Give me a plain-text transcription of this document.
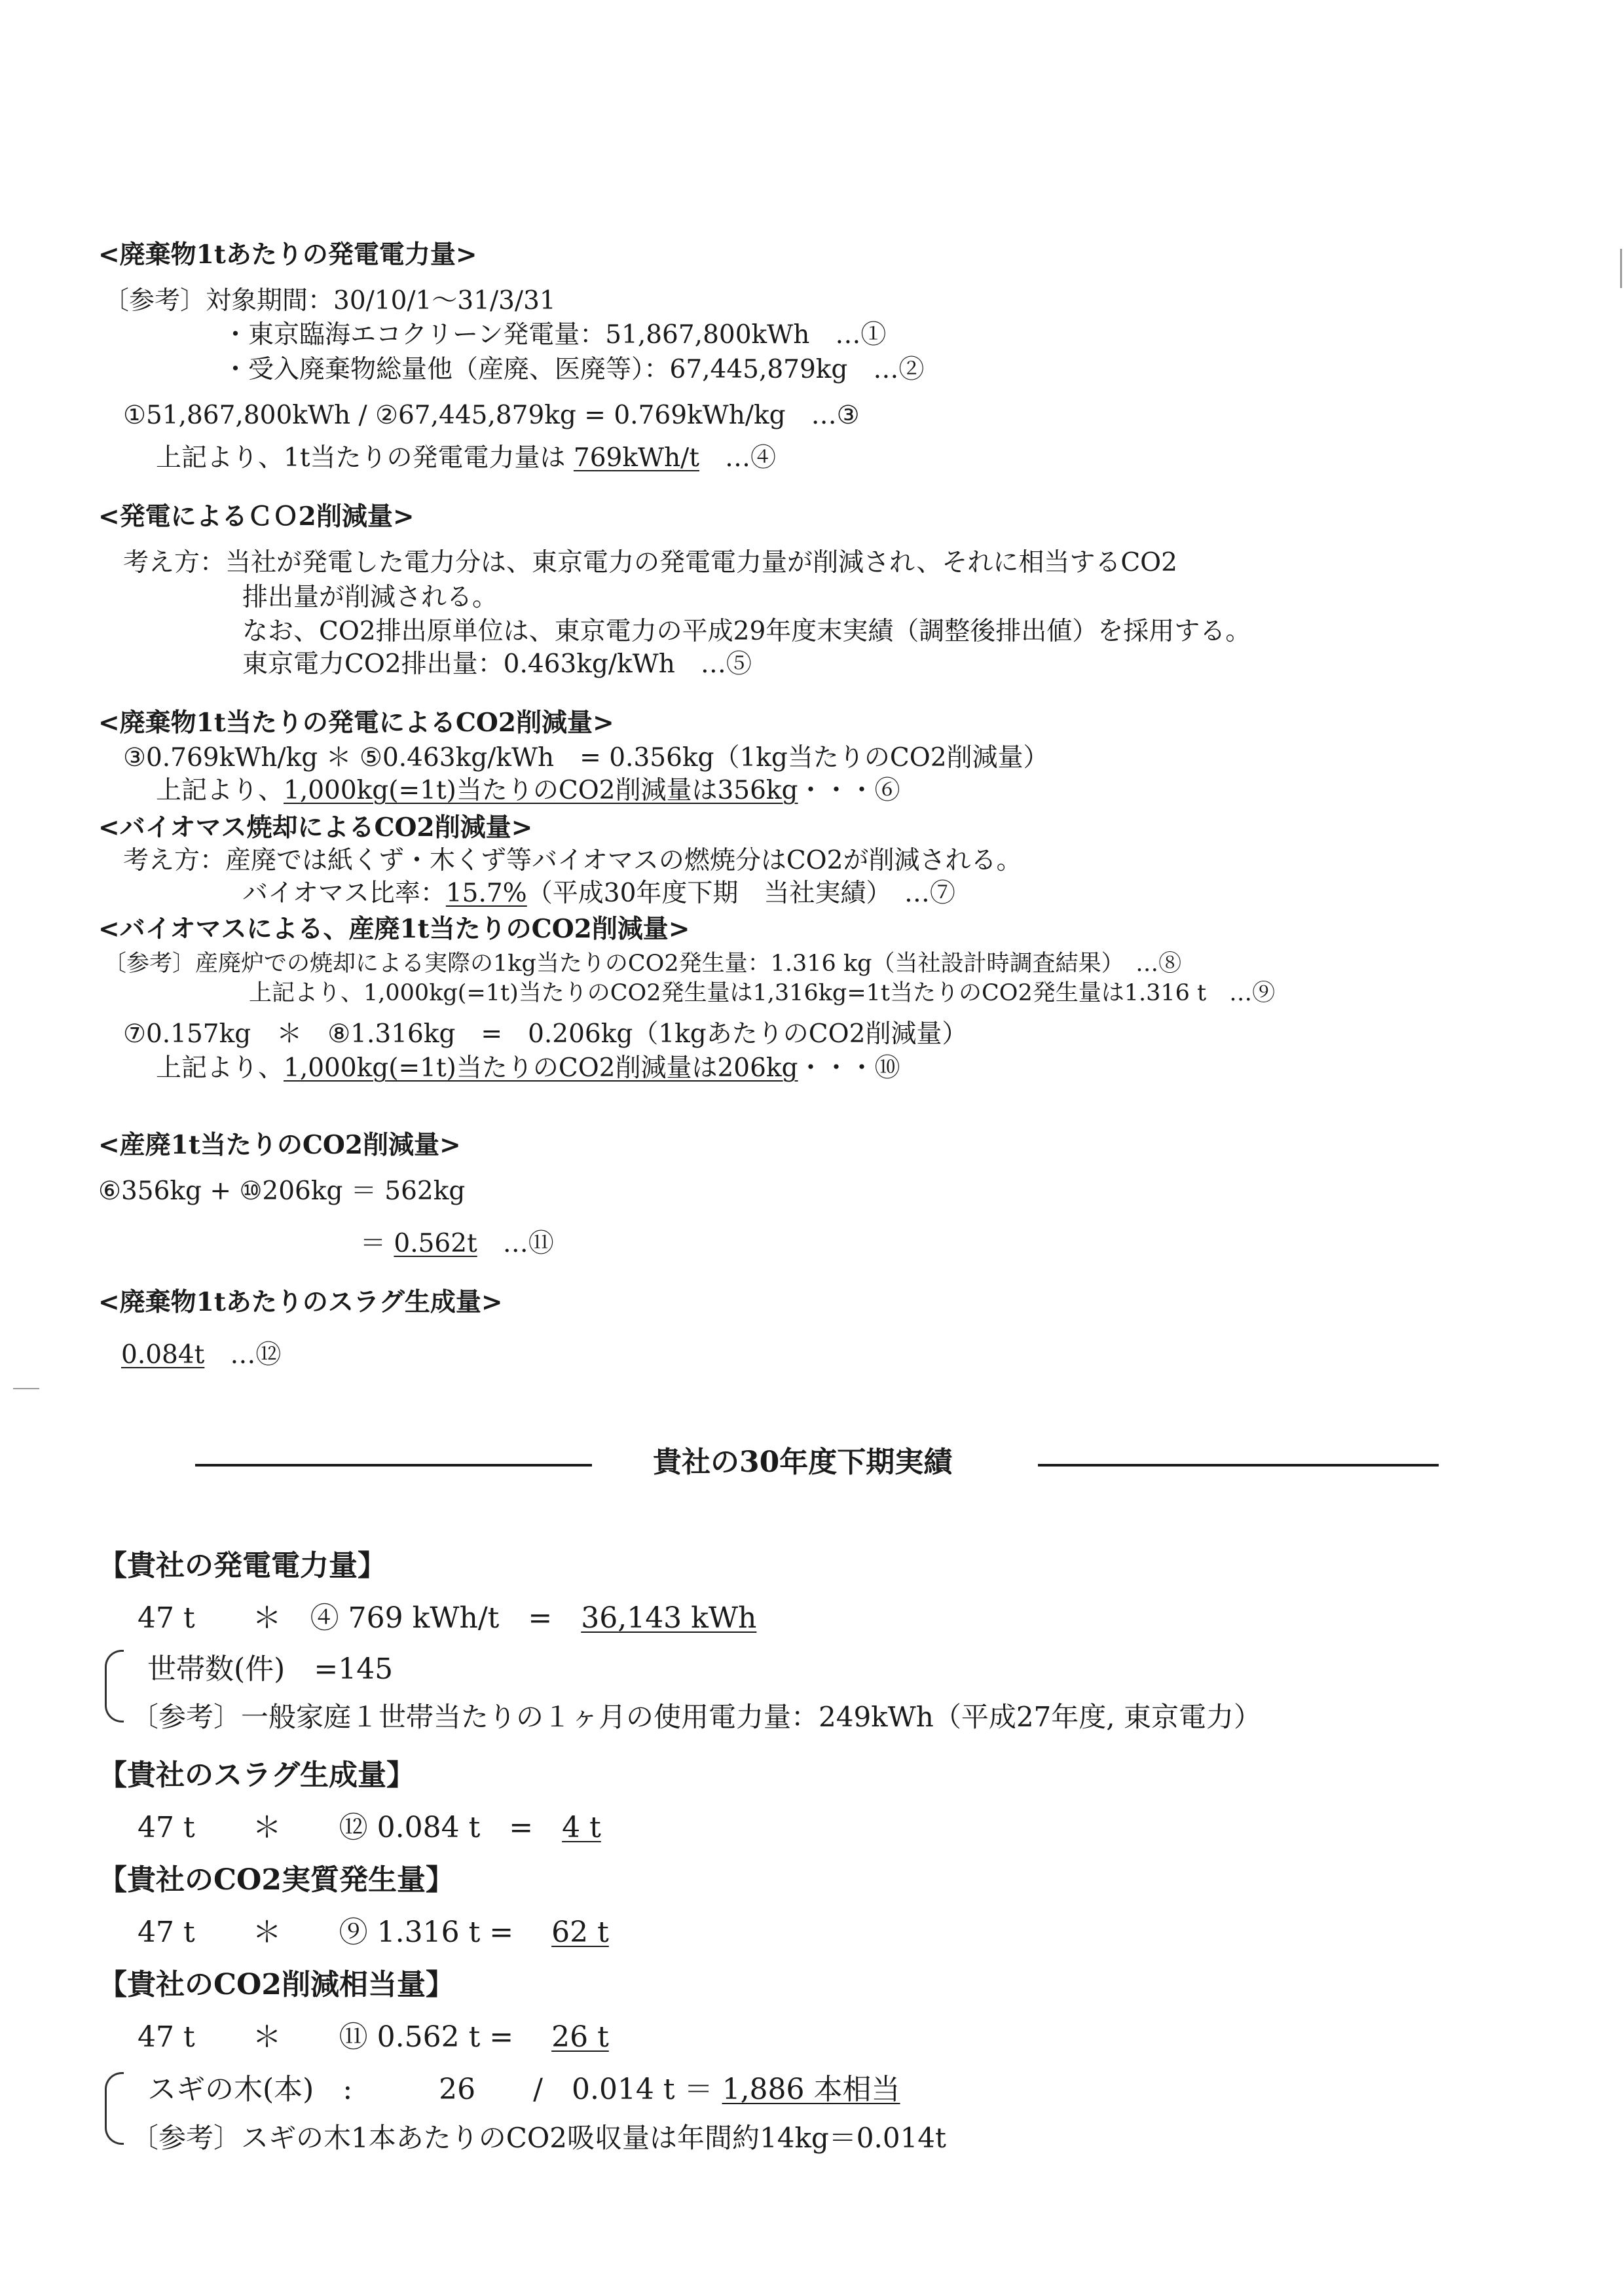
<廃棄物1tあたりの発電電力量>
〔参考〕対象期間：30/10/1～31/3/31
・東京臨海エコクリーン発電量：51,867,800kWh　…①
・受入廃棄物総量他（産廃、医廃等）：67,445,879kg　…②
①51,867,800kWh / ②67,445,879kg = 0.769kWh/kg　…③
上記より、1t当たりの発電電力量は 769kWh/t　…④
<発電によるＣＯ2削減量>
考え方：当社が発電した電力分は、東京電力の発電電力量が削減され、それに相当するCO2
排出量が削減される。
なお、CO2排出原単位は、東京電力の平成29年度末実績（調整後排出値）を採用する。
東京電力CO2排出量：0.463kg/kWh　…⑤
<廃棄物1t当たりの発電によるCO2削減量>
③0.769kWh/kg ＊ ⑤0.463kg/kWh　= 0.356kg（1kg当たりのCO2削減量）
上記より、1,000kg(=1t)当たりのCO2削減量は356kg・・・⑥
<バイオマス焼却によるCO2削減量>
考え方：産廃では紙くず・木くず等バイオマスの燃焼分はCO2が削減される。
バイオマス比率：15.7%（平成30年度下期　当社実績）　…⑦
<バイオマスによる、産廃1t当たりのCO2削減量>
〔参考〕産廃炉での焼却による実際の1kg当たりのCO2発生量：1.316 kg（当社設計時調査結果）　…⑧
上記より、1,000kg(=1t)当たりのCO2発生量は1,316kg=1t当たりのCO2発生量は1.316 t　…⑨
⑦0.157kg　＊　⑧1.316kg　=　0.206kg（1kgあたりのCO2削減量）
上記より、1,000kg(=1t)当たりのCO2削減量は206kg・・・⑩
<産廃1t当たりのCO2削減量>
⑥356kg + ⑩206kg ＝ 562kg
＝ 0.562t　…⑪
<廃棄物1tあたりのスラグ生成量>
0.084t　…⑫
貴社の30年度下期実績
【貴社の発電電力量】
47 t　　＊　④ 769 kWh/t　=　36,143 kWh
世帯数(件)　=145
〔参考〕一般家庭１世帯当たりの１ヶ月の使用電力量：249kWh（平成27年度, 東京電力）
【貴社のスラグ生成量】
47 t　　＊　　⑫ 0.084 t　=　4 t
【貴社のCO2実質発生量】
47 t　　＊　　⑨ 1.316 t =　 62 t
【貴社のCO2削減相当量】
47 t　　＊　　⑪ 0.562 t =　 26 t
スギの木(本)　:　　　26　　/　0.014 t ＝ 1,886 本相当
〔参考〕スギの木1本あたりのCO2吸収量は年間約14kg＝0.014t
